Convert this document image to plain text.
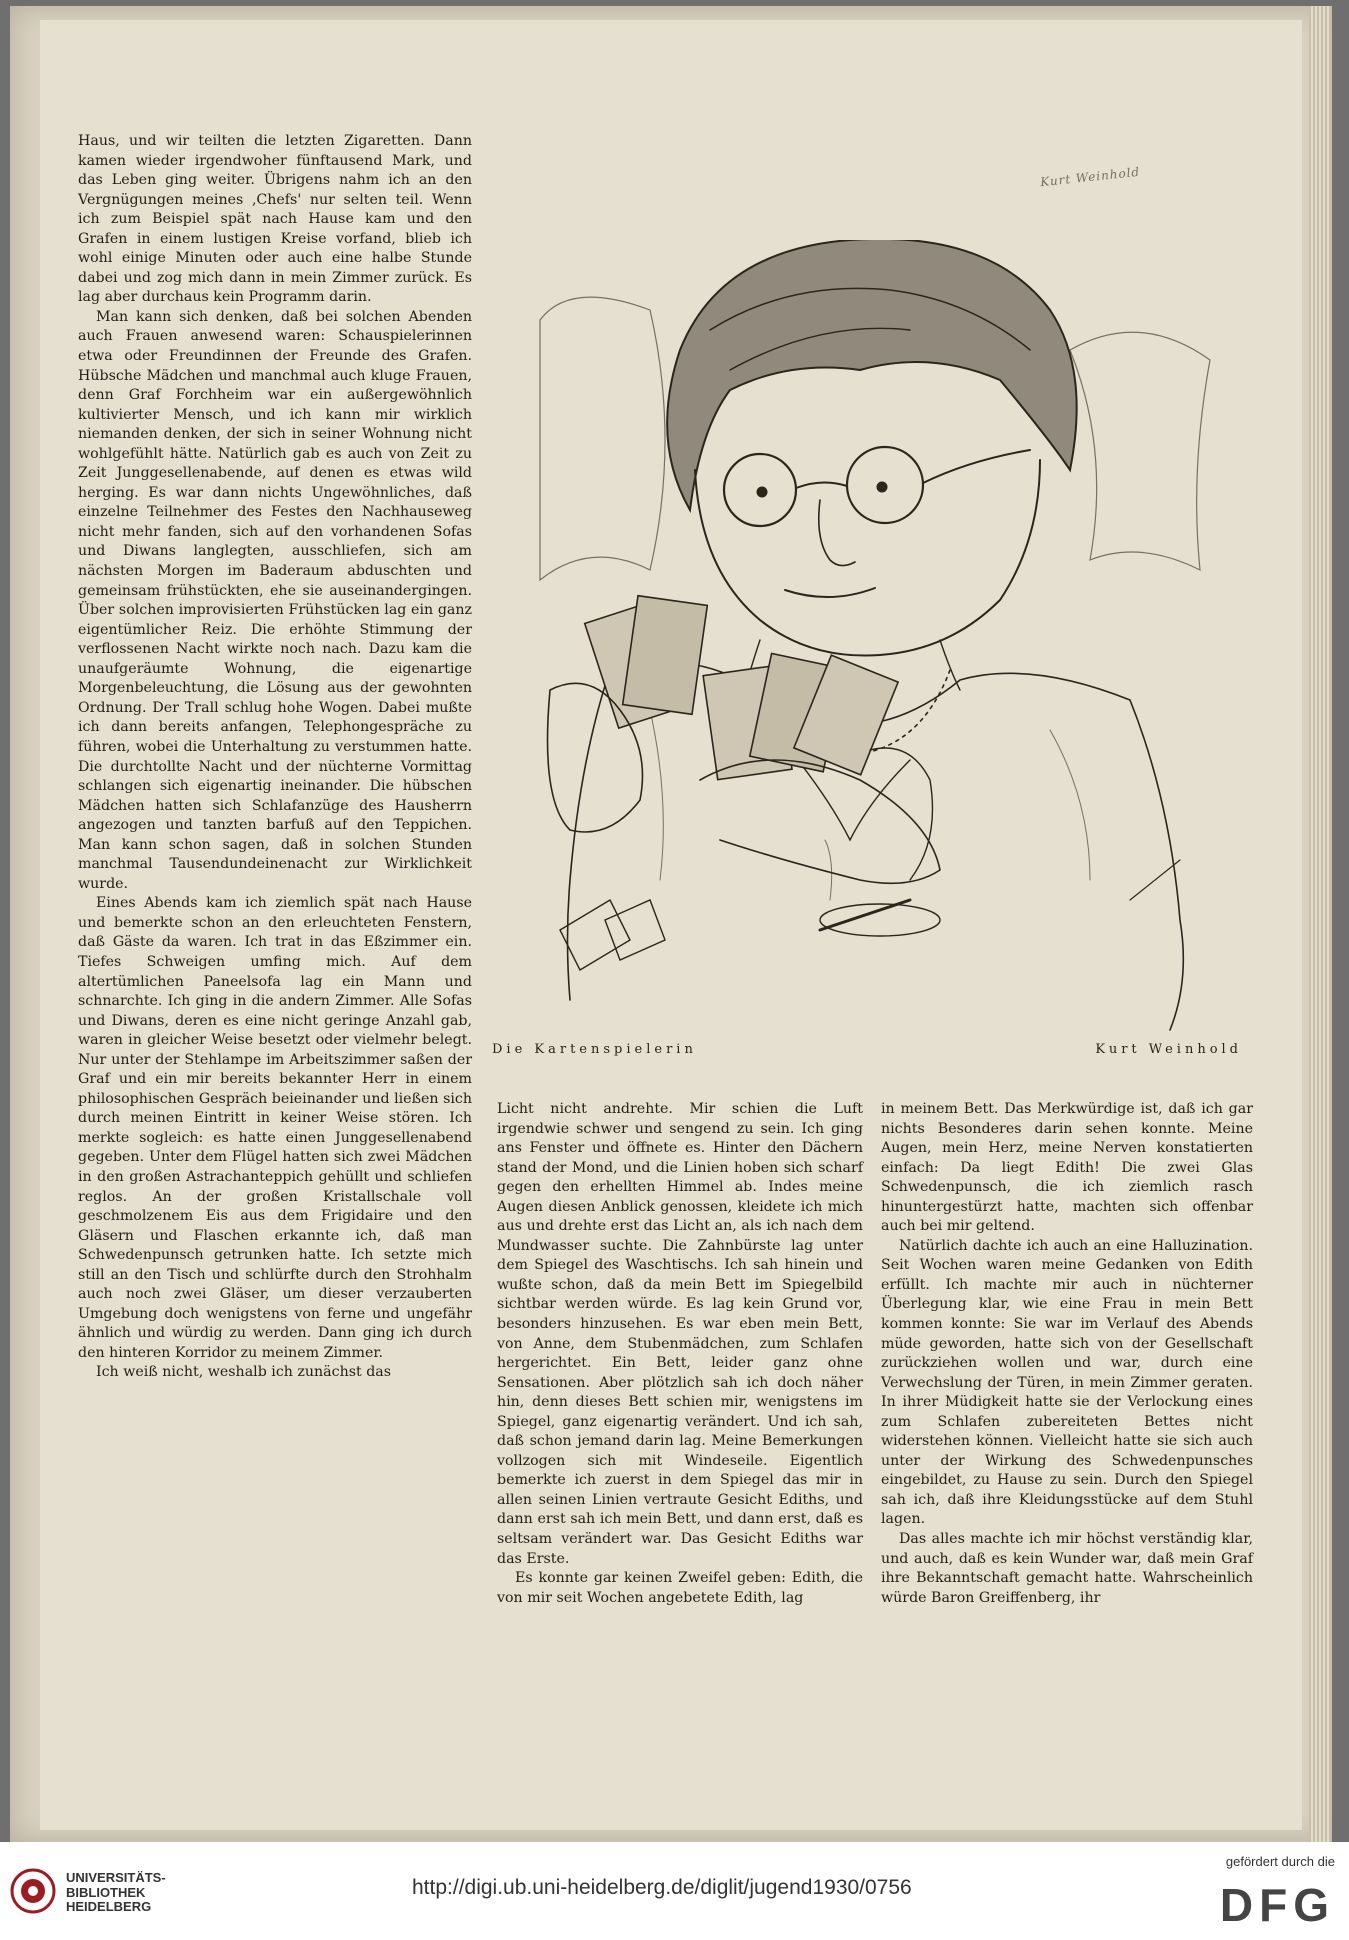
Haus, und wir teilten die letzten Zigaretten. Dann kamen wieder irgendwoher fünftausend Mark, und das Leben ging weiter. Übrigens nahm ich an den Vergnügungen meines ‚Chefs' nur selten teil. Wenn ich zum Beispiel spät nach Hause kam und den Grafen in einem lustigen Kreise vorfand, blieb ich wohl einige Minuten oder auch eine halbe Stunde dabei und zog mich dann in mein Zimmer zurück. Es lag aber durchaus kein Programm darin.

Man kann sich denken, daß bei solchen Abenden auch Frauen anwesend waren: Schauspielerinnen etwa oder Freundinnen der Freunde des Grafen. Hübsche Mädchen und manchmal auch kluge Frauen, denn Graf Forchheim war ein außergewöhnlich kultivierter Mensch, und ich kann mir wirklich niemanden denken, der sich in seiner Wohnung nicht wohlgefühlt hätte. Natürlich gab es auch von Zeit zu Zeit Junggesellenabende, auf denen es etwas wild herging. Es war dann nichts Ungewöhnliches, daß einzelne Teilnehmer des Festes den Nachhauseweg nicht mehr fanden, sich auf den vorhandenen Sofas und Diwans langlegten, ausschliefen, sich am nächsten Morgen im Baderaum abduschten und gemeinsam frühstückten, ehe sie auseinandergingen. Über solchen improvisierten Frühstücken lag ein ganz eigentümlicher Reiz. Die erhöhte Stimmung der verflossenen Nacht wirkte noch nach. Dazu kam die unaufgeräumte Wohnung, die eigenartige Morgenbeleuchtung, die Lösung aus der gewohnten Ordnung. Der Trall schlug hohe Wogen. Dabei mußte ich dann bereits anfangen, Telephongespräche zu führen, wobei die Unterhaltung zu verstummen hatte. Die durchtollte Nacht und der nüchterne Vormittag schlangen sich eigenartig ineinander. Die hübschen Mädchen hatten sich Schlafanzüge des Hausherrn angezogen und tanzten barfuß auf den Teppichen. Man kann schon sagen, daß in solchen Stunden manchmal Tausendundeinenacht zur Wirklichkeit wurde.

Eines Abends kam ich ziemlich spät nach Hause und bemerkte schon an den erleuchteten Fenstern, daß Gäste da waren. Ich trat in das Eßzimmer ein. Tiefes Schweigen umfing mich. Auf dem altertümlichen Paneelsofa lag ein Mann und schnarchte. Ich ging in die andern Zimmer. Alle Sofas und Diwans, deren es eine nicht geringe Anzahl gab, waren in gleicher Weise besetzt oder vielmehr belegt. Nur unter der Stehlampe im Arbeitszimmer saßen der Graf und ein mir bereits bekannter Herr in einem philosophischen Gespräch beieinander und ließen sich durch meinen Eintritt in keiner Weise stören. Ich merkte sogleich: es hatte einen Junggesellenabend gegeben. Unter dem Flügel hatten sich zwei Mädchen in den großen Astrachanteppich gehüllt und schliefen reglos. An der großen Kristallschale voll geschmolzenem Eis aus dem Frigidaire und den Gläsern und Flaschen erkannte ich, daß man Schwedenpunsch getrunken hatte. Ich setzte mich still an den Tisch und schlürfte durch den Strohhalm auch noch zwei Gläser, um dieser verzauberten Umgebung doch wenigstens von ferne und ungefähr ähnlich und würdig zu werden. Dann ging ich durch den hinteren Korridor zu meinem Zimmer.

Ich weiß nicht, weshalb ich zunächst das

Kurt Weinhold
Die Kartenspielerin	Kurt Weinhold

Licht nicht andrehte. Mir schien die Luft irgendwie schwer und sengend zu sein. Ich ging ans Fenster und öffnete es. Hinter den Dächern stand der Mond, und die Linien hoben sich scharf gegen den erhellten Himmel ab. Indes meine Augen diesen Anblick genossen, kleidete ich mich aus und drehte erst das Licht an, als ich nach dem Mundwasser suchte. Die Zahnbürste lag unter dem Spiegel des Waschtischs. Ich sah hinein und wußte schon, daß da mein Bett im Spiegelbild sichtbar werden würde. Es lag kein Grund vor, besonders hinzusehen. Es war eben mein Bett, von Anne, dem Stubenmädchen, zum Schlafen hergerichtet. Ein Bett, leider ganz ohne Sensationen. Aber plötzlich sah ich doch näher hin, denn dieses Bett schien mir, wenigstens im Spiegel, ganz eigenartig verändert. Und ich sah, daß schon jemand darin lag. Meine Bemerkungen vollzogen sich mit Windeseile. Eigentlich bemerkte ich zuerst in dem Spiegel das mir in allen seinen Linien vertraute Gesicht Ediths, und dann erst sah ich mein Bett, und dann erst, daß es seltsam verändert war. Das Gesicht Ediths war das Erste.

Es konnte gar keinen Zweifel geben: Edith, die von mir seit Wochen angebetete Edith, lag

in meinem Bett. Das Merkwürdige ist, daß ich gar nichts Besonderes darin sehen konnte. Meine Augen, mein Herz, meine Nerven konstatierten einfach: Da liegt Edith! Die zwei Glas Schwedenpunsch, die ich ziemlich rasch hinuntergestürzt hatte, machten sich offenbar auch bei mir geltend.

Natürlich dachte ich auch an eine Halluzination. Seit Wochen waren meine Gedanken von Edith erfüllt. Ich machte mir auch in nüchterner Überlegung klar, wie eine Frau in mein Bett kommen konnte: Sie war im Verlauf des Abends müde geworden, hatte sich von der Gesellschaft zurückziehen wollen und war, durch eine Verwechslung der Türen, in mein Zimmer geraten. In ihrer Müdigkeit hatte sie der Verlockung eines zum Schlafen zubereiteten Bettes nicht widerstehen können. Vielleicht hatte sie sich auch unter der Wirkung des Schwedenpunsches eingebildet, zu Hause zu sein. Durch den Spiegel sah ich, daß ihre Kleidungsstücke auf dem Stuhl lagen.

Das alles machte ich mir höchst verständig klar, und auch, daß es kein Wunder war, daß mein Graf ihre Bekanntschaft gemacht hatte. Wahrscheinlich würde Baron Greiffenberg, ihr

UNIVERSITÄTS-
BIBLIOTHEK
HEIDELBERG
http://digi.ub.uni-heidelberg.de/diglit/jugend1930/0756
gefördert durch die
DFG
